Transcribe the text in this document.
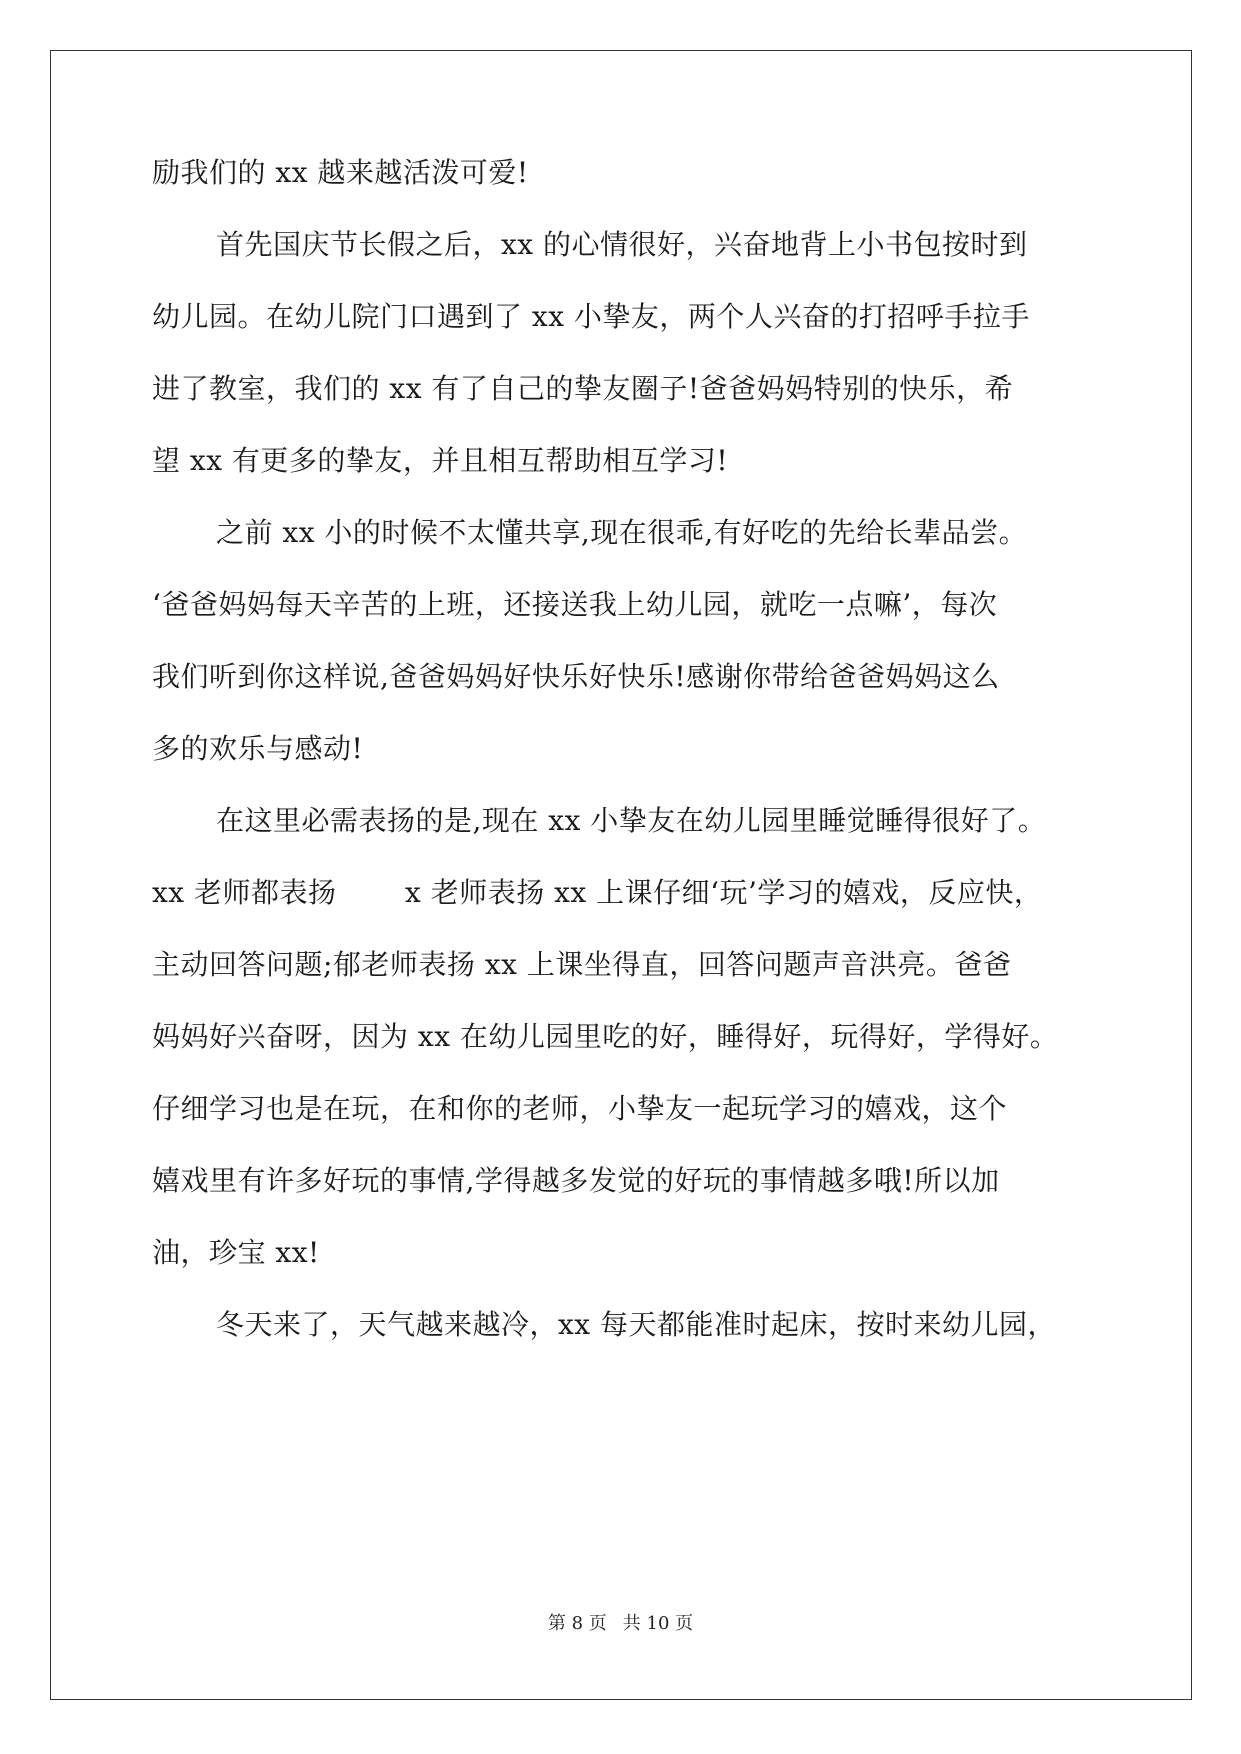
励我们的 xx 越来越活泼可爱!
首先国庆节长假之后，xx 的心情很好，兴奋地背上小书包按时到
幼儿园。在幼儿院门口遇到了 xx 小挚友，两个人兴奋的打招呼手拉手
进了教室，我们的 xx 有了自己的挚友圈子!爸爸妈妈特别的快乐，希
望 xx 有更多的挚友，并且相互帮助相互学习!
之前 xx 小的时候不太懂共享,现在很乖,有好吃的先给长辈品尝。
‘爸爸妈妈每天辛苦的上班，还接送我上幼儿园，就吃一点嘛’，每次
我们听到你这样说,爸爸妈妈好快乐好快乐!感谢你带给爸爸妈妈这么
多的欢乐与感动!
在这里必需表扬的是,现在 xx 小挚友在幼儿园里睡觉睡得很好了。
xx 老师都表扬	x 老师表扬 xx 上课仔细‘玩’学习的嬉戏，反应快，
主动回答问题;郁老师表扬 xx 上课坐得直，回答问题声音洪亮。爸爸
妈妈好兴奋呀，因为 xx 在幼儿园里吃的好，睡得好，玩得好，学得好。
仔细学习也是在玩，在和你的老师，小挚友一起玩学习的嬉戏，这个
嬉戏里有许多好玩的事情,学得越多发觉的好玩的事情越多哦!所以加
油，珍宝 xx!
冬天来了，天气越来越冷，xx 每天都能准时起床，按时来幼儿园，
第 8 页 共 10 页
